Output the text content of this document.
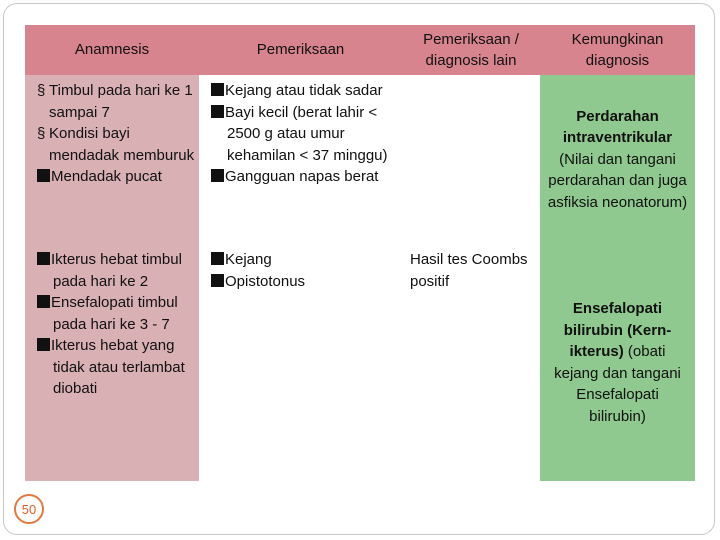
Anamnesis	Pemeriksaan
Pemeriksaan / diagnosis lain
Kemungkinan diagnosis
§ Timbul pada hari ke 1 sampai 7
§ Kondisi bayi mendadak memburuk
Mendadak pucat
Kejang atau tidak sadar
Bayi kecil (berat lahir < 2500 g atau umur kehamilan < 37 minggu)
Gangguan napas berat
Perdarahan intraventrikular (Nilai dan tangani perdarahan dan juga asfiksia neonatorum)
Ikterus hebat timbul pada hari ke 2
Ensefalopati timbul pada hari ke 3 - 7
Ikterus hebat yang tidak atau terlambat diobati
Kejang
Opistotonus
Hasil tes Coombs positif
Ensefalopati bilirubin (Kern-ikterus) (obati kejang dan tangani Ensefalopati bilirubin)
50
